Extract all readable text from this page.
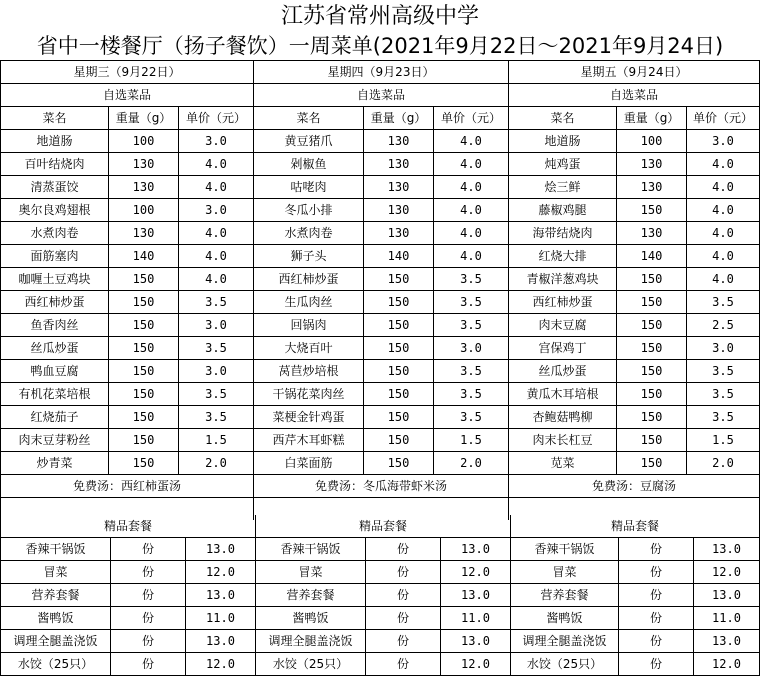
江苏省常州高级中学
省中一楼餐厅（扬子餐饮）一周菜单(2021年9月22日～2021年9月24日)
星期三（9月22日）			星期四（9月23日）			星期五（9月24日）		
自选菜品			自选菜品			自选菜品		
菜名	重量（g）	单价（元）	菜名	重量（g）	单价（元）	菜名	重量（g）	单价（元）
地道肠	100	3.0	黄豆猪爪	130	4.0	地道肠	100	3.0
百叶结烧肉	130	4.0	剁椒鱼	130	4.0	炖鸡蛋	130	4.0
清蒸蛋饺	130	4.0	咕咾肉	130	4.0	烩三鲜	130	4.0
奥尔良鸡翅根	100	3.0	冬瓜小排	130	4.0	藤椒鸡腿	150	4.0
水煮肉卷	130	4.0	水煮肉卷	130	4.0	海带结烧肉	130	4.0
面筋塞肉	140	4.0	狮子头	140	4.0	红烧大排	140	4.0
咖喱土豆鸡块	150	4.0	西红柿炒蛋	150	3.5	青椒洋葱鸡块	150	4.0
西红柿炒蛋	150	3.5	生瓜肉丝	150	3.5	西红柿炒蛋	150	3.5
鱼香肉丝	150	3.0	回锅肉	150	3.5	肉末豆腐	150	2.5
丝瓜炒蛋	150	3.5	大烧百叶	150	3.0	宫保鸡丁	150	3.0
鸭血豆腐	150	3.0	莴苣炒培根	150	3.5	丝瓜炒蛋	150	3.5
有机花菜培根	150	3.5	干锅花菜肉丝	150	3.5	黄瓜木耳培根	150	3.5
红烧茄子	150	3.5	菜梗金针鸡蛋	150	3.5	杏鲍菇鸭柳	150	3.5
肉末豆芽粉丝	150	1.5	西芹木耳虾糕	150	1.5	肉末长杠豆	150	1.5
炒青菜	150	2.0	白菜面筋	150	2.0	苋菜	150	2.0
免费汤：西红柿蛋汤			免费汤：冬瓜海带虾米汤			免费汤：豆腐汤		

精品套餐			精品套餐			精品套餐		
香辣干锅饭	份	13.0	香辣干锅饭	份	13.0	香辣干锅饭	份	13.0
冒菜	份	12.0	冒菜	份	12.0	冒菜	份	12.0
营养套餐	份	13.0	营养套餐	份	13.0	营养套餐	份	13.0
酱鸭饭	份	11.0	酱鸭饭	份	11.0	酱鸭饭	份	11.0
调理全腿盖浇饭	份	13.0	调理全腿盖浇饭	份	13.0	调理全腿盖浇饭	份	13.0
水饺（25只）	份	12.0	水饺（25只）	份	12.0	水饺（25只）	份	12.0
